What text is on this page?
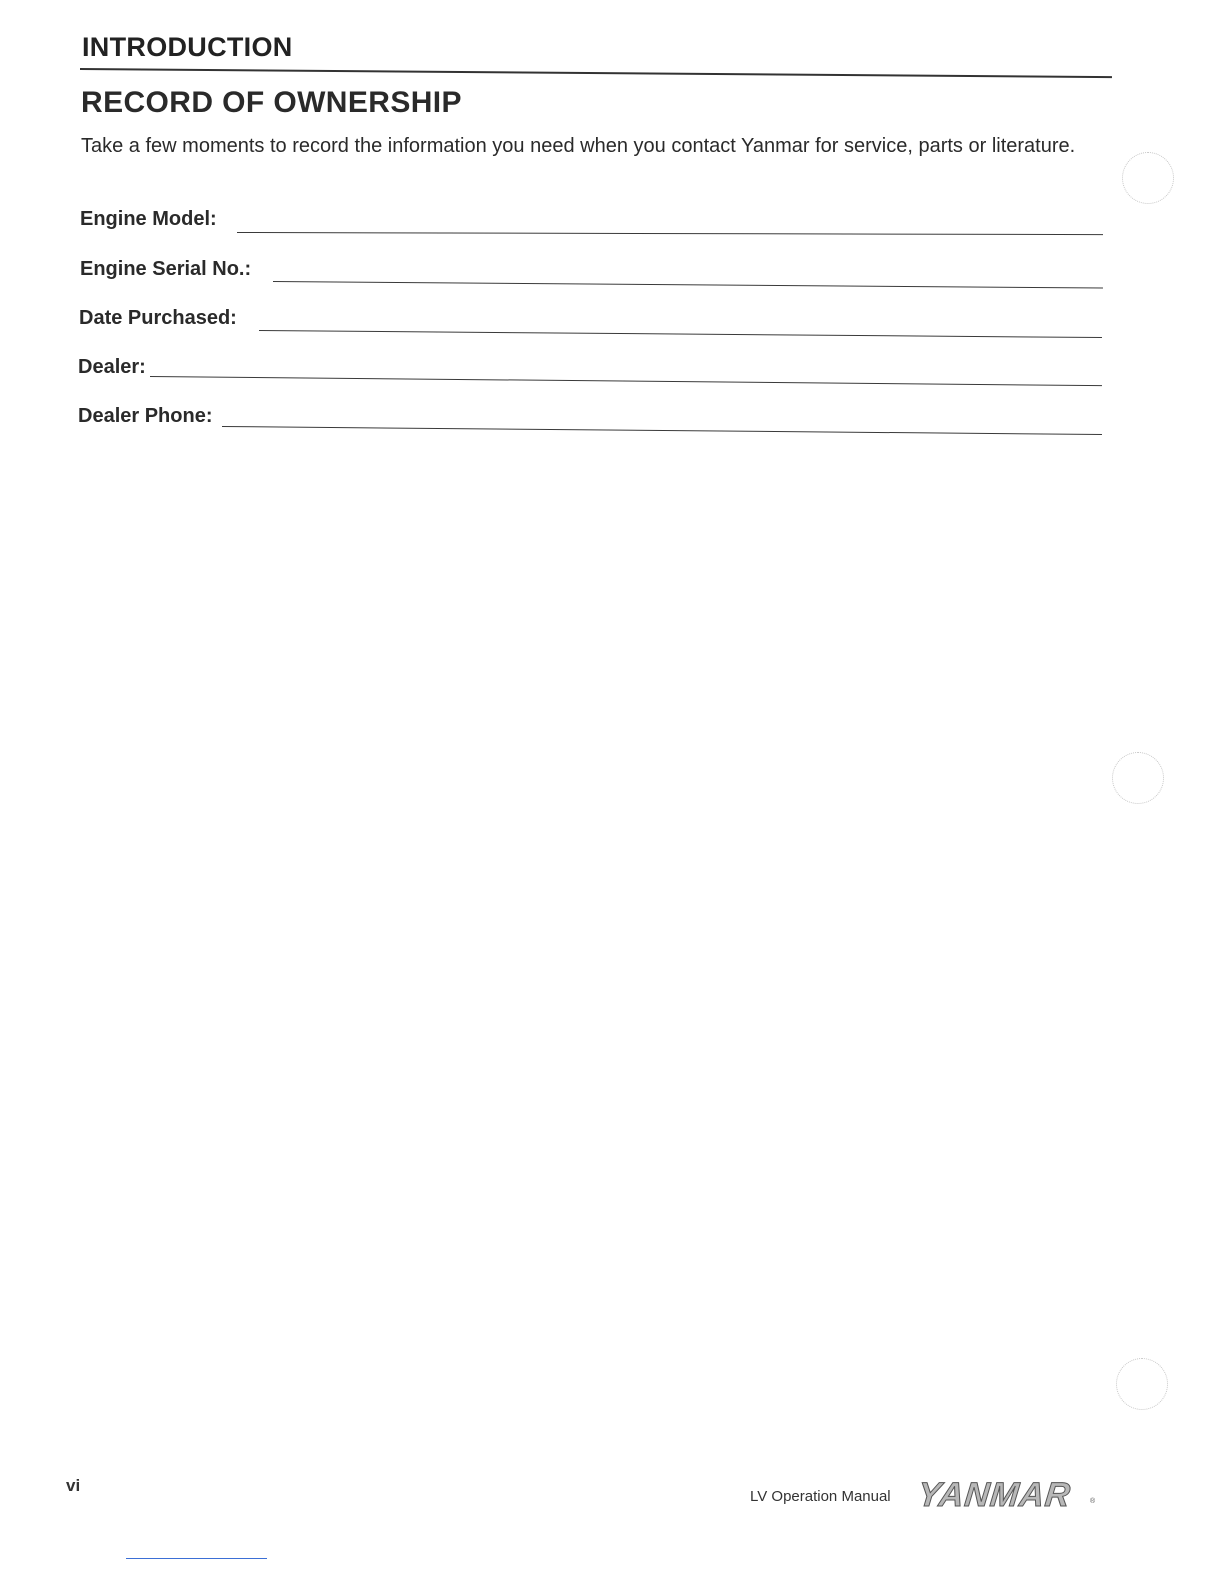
INTRODUCTION
RECORD OF OWNERSHIP
Take a few moments to record the information you need when you contact Yanmar for service, parts or literature.
Engine Model:
Engine Serial No.:
Date Purchased:
Dealer:
Dealer Phone:
vi
LV Operation Manual YANMAR ®
